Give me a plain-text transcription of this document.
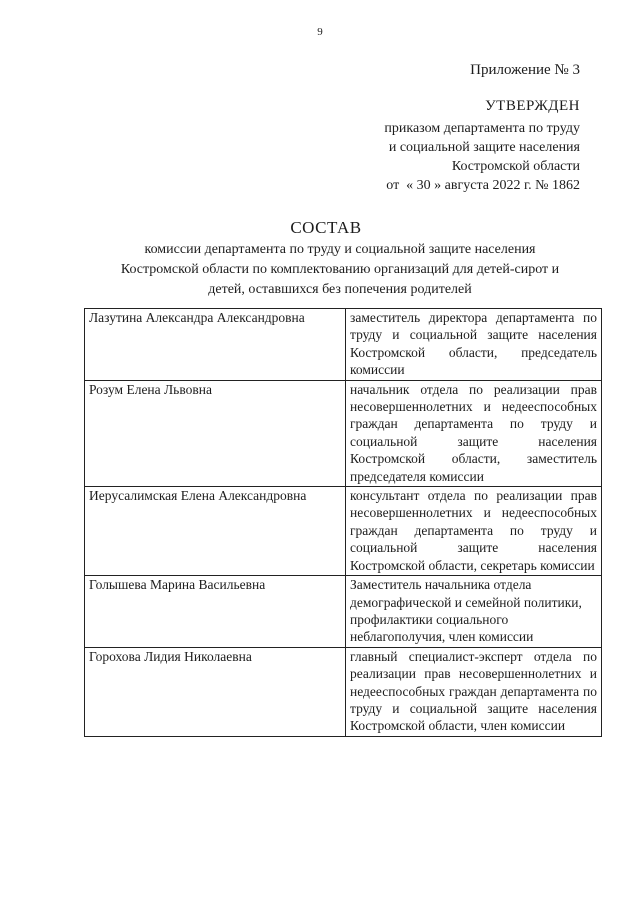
9
Приложение № 3
УТВЕРЖДЕН
приказом департамента по труду
и социальной защите населения
Костромской области
от  « 30 » августа 2022 г. № 1862
СОСТАВ
комиссии департамента по труду и социальной защите населения
Костромской области по комплектованию организаций для детей-сирот и
детей, оставшихся без попечения родителей
Лазутина Александра Александровна	заместитель директора департамента по труду и социальной защите населения Костромской области, председатель комиссии
Розум Елена Львовна	начальник отдела по реализации прав несовершеннолетних и недееспособных граждан департамента по труду и социальной защите населения Костромской области, заместитель председателя комиссии
Иерусалимская Елена Александровна	консультант отдела по реализации прав несовершеннолетних и недееспособных граждан департамента по труду и социальной защите населения Костромской области, секретарь комиссии
Голышева Марина Васильевна	Заместитель начальника отдела демографической и семейной политики, профилактики социального неблагополучия, член комиссии
Горохова Лидия Николаевна	главный специалист-эксперт отдела по реализации прав несовершеннолетних и недееспособных граждан департамента по труду и социальной защите населения Костромской области, член комиссии
